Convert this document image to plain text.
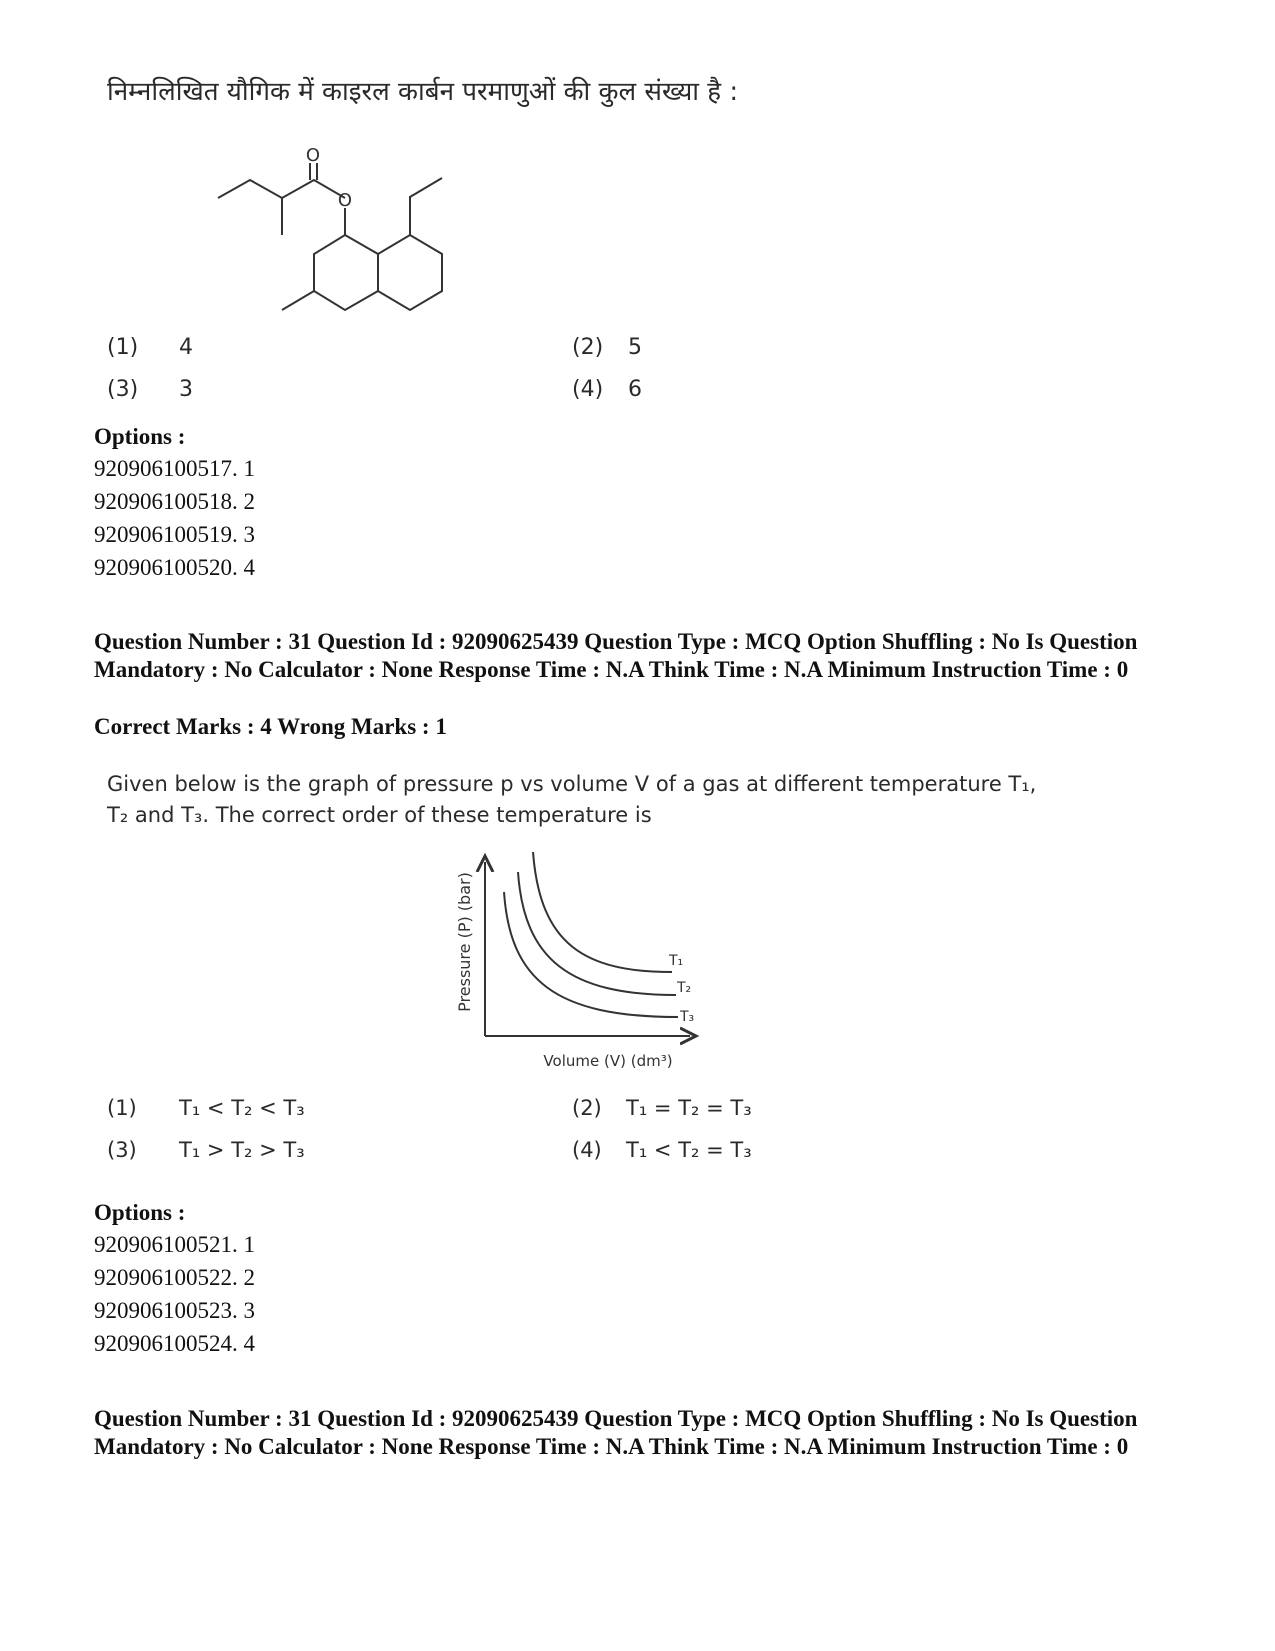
निम्नलिखित यौगिक में काइरल कार्बन परमाणुओं की कुल संख्या है :
O
O
(1) 4	(2) 5
(3) 3	(4) 6
Options :
920906100517. 1
920906100518. 2
920906100519. 3
920906100520. 4
Question Number : 31 Question Id : 92090625439 Question Type : MCQ Option Shuffling : No Is Question Mandatory : No Calculator : None Response Time : N.A Think Time : N.A Minimum Instruction Time : 0
Correct Marks : 4 Wrong Marks : 1
Given below is the graph of pressure p vs volume V of a gas at different temperature T₁,
T₂ and T₃. The correct order of these temperature is
T₁
T₂
T₃
Pressure (P) (bar)
Volume (V) (dm³)
(1) T₁ < T₂ < T₃	(2) T₁ = T₂ = T₃
(3) T₁ > T₂ > T₃	(4) T₁ < T₂ = T₃
Options :
920906100521. 1
920906100522. 2
920906100523. 3
920906100524. 4
Question Number : 31 Question Id : 92090625439 Question Type : MCQ Option Shuffling : No Is Question Mandatory : No Calculator : None Response Time : N.A Think Time : N.A Minimum Instruction Time : 0
